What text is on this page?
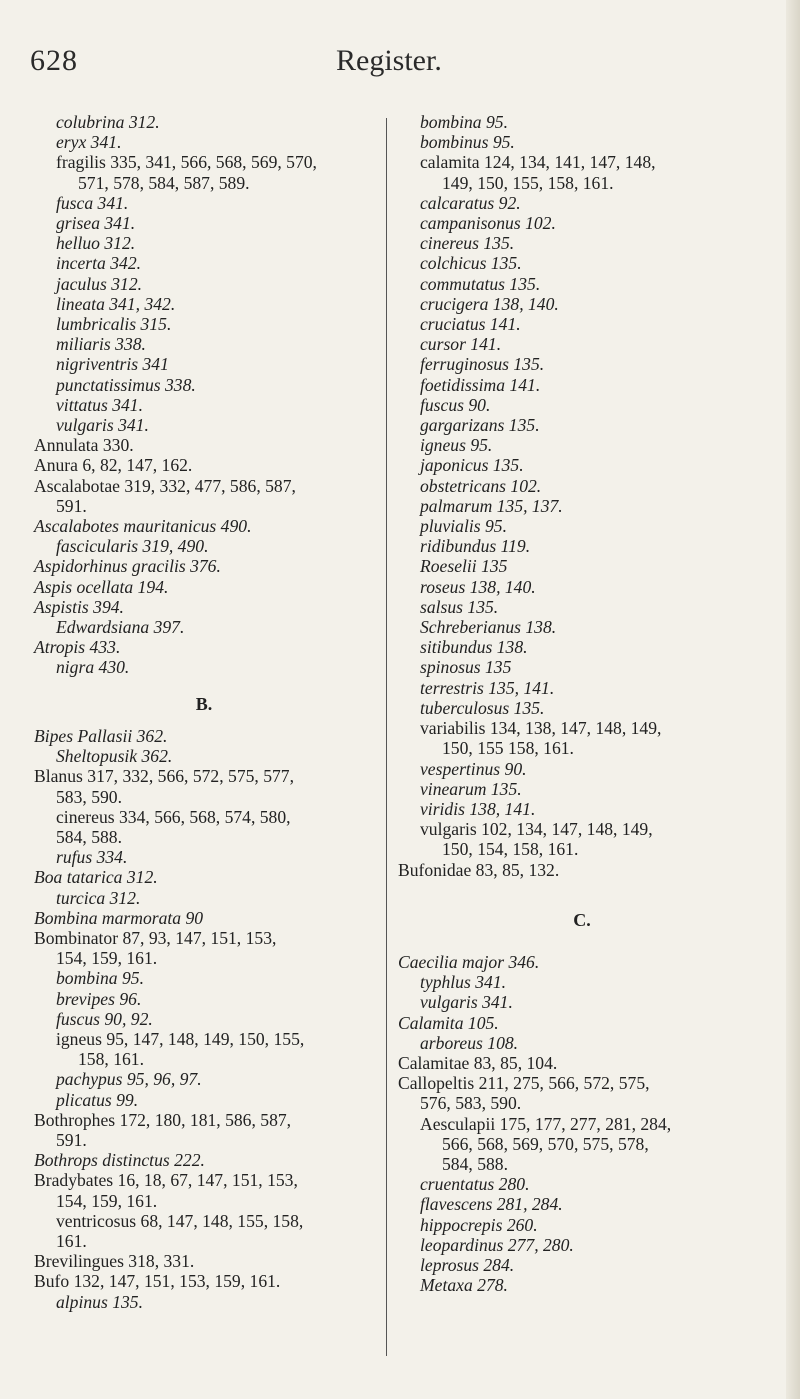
628	Register.
colubrina 312.
eryx 341.
fragilis 335, 341, 566, 568, 569, 570,
571, 578, 584, 587, 589.
fusca 341.
grisea 341.
helluo 312.
incerta 342.
jaculus 312.
lineata 341, 342.
lumbricalis 315.
miliaris 338.
nigriventris 341
punctatissimus 338.
vittatus 341.
vulgaris 341.
Annulata 330.
Anura 6, 82, 147, 162.
Ascalabotae 319, 332, 477, 586, 587,
591.
Ascalabotes mauritanicus 490.
fascicularis 319, 490.
Aspidorhinus gracilis 376.
Aspis ocellata 194.
Aspistis 394.
Edwardsiana 397.
Atropis 433.
nigra 430.
B.
Bipes Pallasii 362.
Sheltopusik 362.
Blanus 317, 332, 566, 572, 575, 577,
583, 590.
cinereus 334, 566, 568, 574, 580,
584, 588.
rufus 334.
Boa tatarica 312.
turcica 312.
Bombina marmorata 90
Bombinator 87, 93, 147, 151, 153,
154, 159, 161.
bombina 95.
brevipes 96.
fuscus 90, 92.
igneus 95, 147, 148, 149, 150, 155,
158, 161.
pachypus 95, 96, 97.
plicatus 99.
Bothrophes 172, 180, 181, 586, 587,
591.
Bothrops distinctus 222.
Bradybates 16, 18, 67, 147, 151, 153,
154, 159, 161.
ventricosus 68, 147, 148, 155, 158,
161.
Brevilingues 318, 331.
Bufo 132, 147, 151, 153, 159, 161.
alpinus 135.
bombina 95.
bombinus 95.
calamita 124, 134, 141, 147, 148,
149, 150, 155, 158, 161.
calcaratus 92.
campanisonus 102.
cinereus 135.
colchicus 135.
commutatus 135.
crucigera 138, 140.
cruciatus 141.
cursor 141.
ferruginosus 135.
foetidissima 141.
fuscus 90.
gargarizans 135.
igneus 95.
japonicus 135.
obstetricans 102.
palmarum 135, 137.
pluvialis 95.
ridibundus 119.
Roeselii 135
roseus 138, 140.
salsus 135.
Schreberianus 138.
sitibundus 138.
spinosus 135
terrestris 135, 141.
tuberculosus 135.
variabilis 134, 138, 147, 148, 149,
150, 155 158, 161.
vespertinus 90.
vinearum 135.
viridis 138, 141.
vulgaris 102, 134, 147, 148, 149,
150, 154, 158, 161.
Bufonidae 83, 85, 132.
C.
Caecilia major 346.
typhlus 341.
vulgaris 341.
Calamita 105.
arboreus 108.
Calamitae 83, 85, 104.
Callopeltis 211, 275, 566, 572, 575,
576, 583, 590.
Aesculapii 175, 177, 277, 281, 284,
566, 568, 569, 570, 575, 578,
584, 588.
cruentatus 280.
flavescens 281, 284.
hippocrepis 260.
leopardinus 277, 280.
leprosus 284.
Metaxa 278.
